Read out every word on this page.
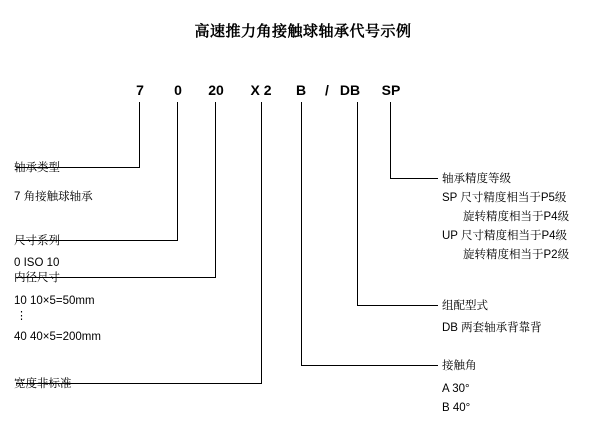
高速推力角接触球轴承代号示例
7 0	20	X 2	B / DB SP
轴承类型
7 角接触球轴承
尺寸系列
0 ISO 10
内径尺寸
10 10×5=50mm
⋮
40 40×5=200mm
宽度非标准
轴承精度等级
SP 尺寸精度相当于P5级
旋转精度相当于P4级
UP 尺寸精度相当于P4级
旋转精度相当于P2级
组配型式
DB 两套轴承背靠背
接触角
A 30°
B 40°
